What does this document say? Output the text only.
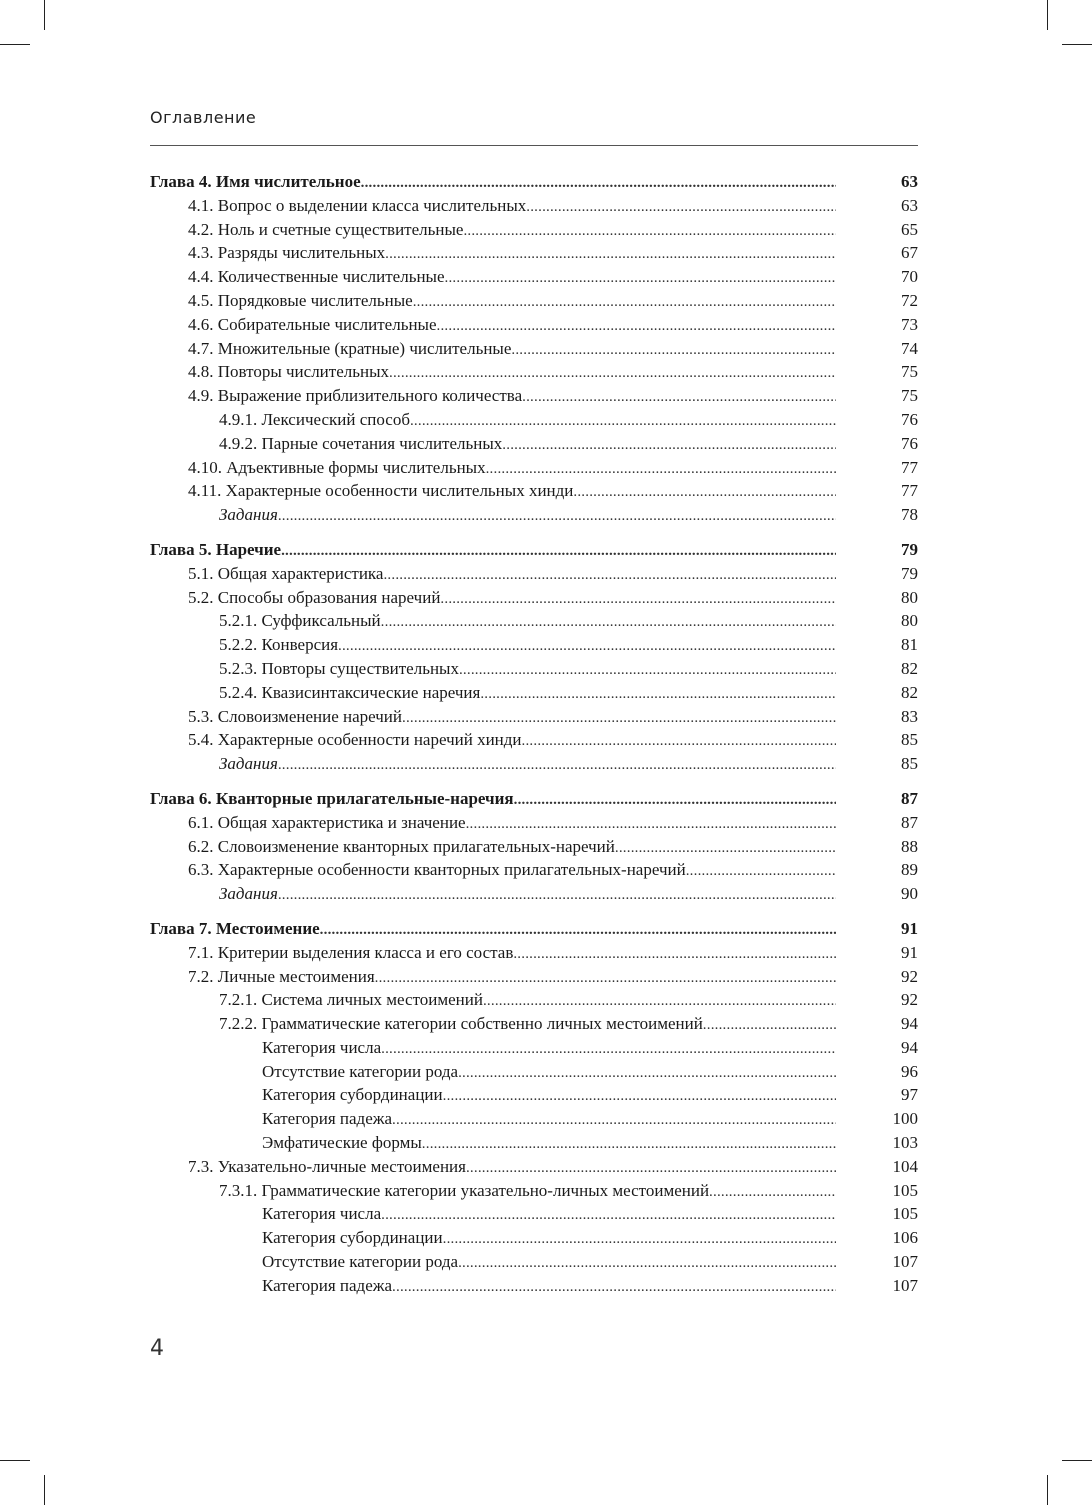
Оглавление
Глава 4. Имя числительное .....	63
4.1. Вопрос о выделении класса числительных .....	63
4.2. Ноль и счетные существительные .....	65
4.3. Разряды числительных .....	67
4.4. Количественные числительные .....	70
4.5. Порядковые числительные .....	72
4.6. Собирательные числительные .....	73
4.7. Множительные (кратные) числительные .....	74
4.8. Повторы числительных .....	75
4.9. Выражение приблизительного количества .....	75
4.9.1. Лексический способ .....	76
4.9.2. Парные сочетания числительных .....	76
4.10. Адъективные формы числительных .....	77
4.11. Характерные особенности числительных хинди .....	77
Задания .....	78
Глава 5. Наречие .....	79
5.1. Общая характеристика .....	79
5.2. Способы образования наречий .....	80
5.2.1. Суффиксальный .....	80
5.2.2. Конверсия .....	81
5.2.3. Повторы существительных .....	82
5.2.4. Квазисинтаксические наречия .....	82
5.3. Словоизменение наречий .....	83
5.4. Характерные особенности наречий хинди .....	85
Задания .....	85
Глава 6. Кванторные прилагательные-наречия .....	87
6.1. Общая характеристика и значение .....	87
6.2. Словоизменение кванторных прилагательных-наречий .....	88
6.3. Характерные особенности кванторных прилагательных-наречий .....	89
Задания .....	90
Глава 7. Местоимение .....	91
7.1. Критерии выделения класса и его состав .....	91
7.2. Личные местоимения .....	92
7.2.1. Система личных местоимений .....	92
7.2.2. Грамматические категории собственно личных местоимений .....	94
Категория числа .....	94
Отсутствие категории рода .....	96
Категория субординации .....	97
Категория падежа .....	100
Эмфатические формы .....	103
7.3. Указательно-личные местоимения .....	104
7.3.1. Грамматические категории указательно-личных местоимений .....	105
Категория числа .....	105
Категория субординации .....	106
Отсутствие категории рода .....	107
Категория падежа .....	107
4
